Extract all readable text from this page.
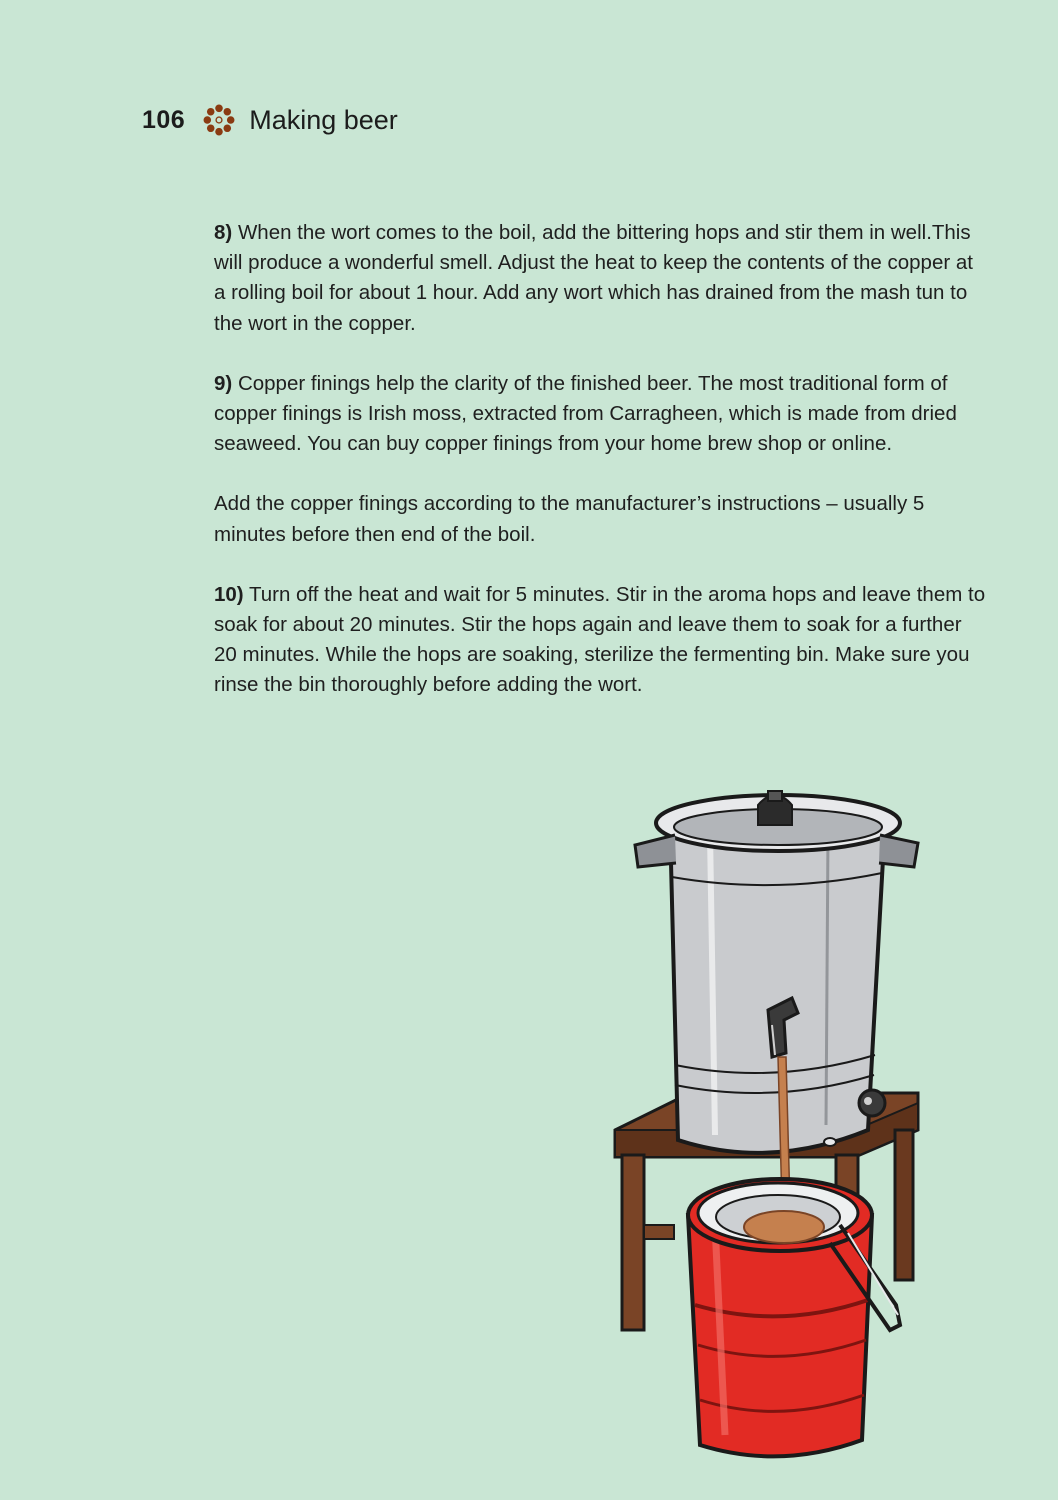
106 Making beer

8) When the wort comes to the boil, add the bittering hops and stir them in well.This will produce a wonderful smell. Adjust the heat to keep the contents of the copper at a rolling boil for about 1 hour. Add any wort which has drained from the mash tun to the wort in the copper.

9) Copper finings help the clarity of the finished beer. The most traditional form of copper finings is Irish moss, extracted from Carragheen, which is made from dried seaweed. You can buy copper finings from your home brew shop or online.

Add the copper finings according to the manufacturer’s instructions – usually 5 minutes before then end of the boil.

10) Turn off the heat and wait for 5 minutes. Stir in the aroma hops and leave them to soak for about 20 minutes. Stir the hops again and leave them to soak for a further 20 minutes. While the hops are soaking, sterilize the fermenting bin. Make sure you rinse the bin thoroughly before adding the wort.
